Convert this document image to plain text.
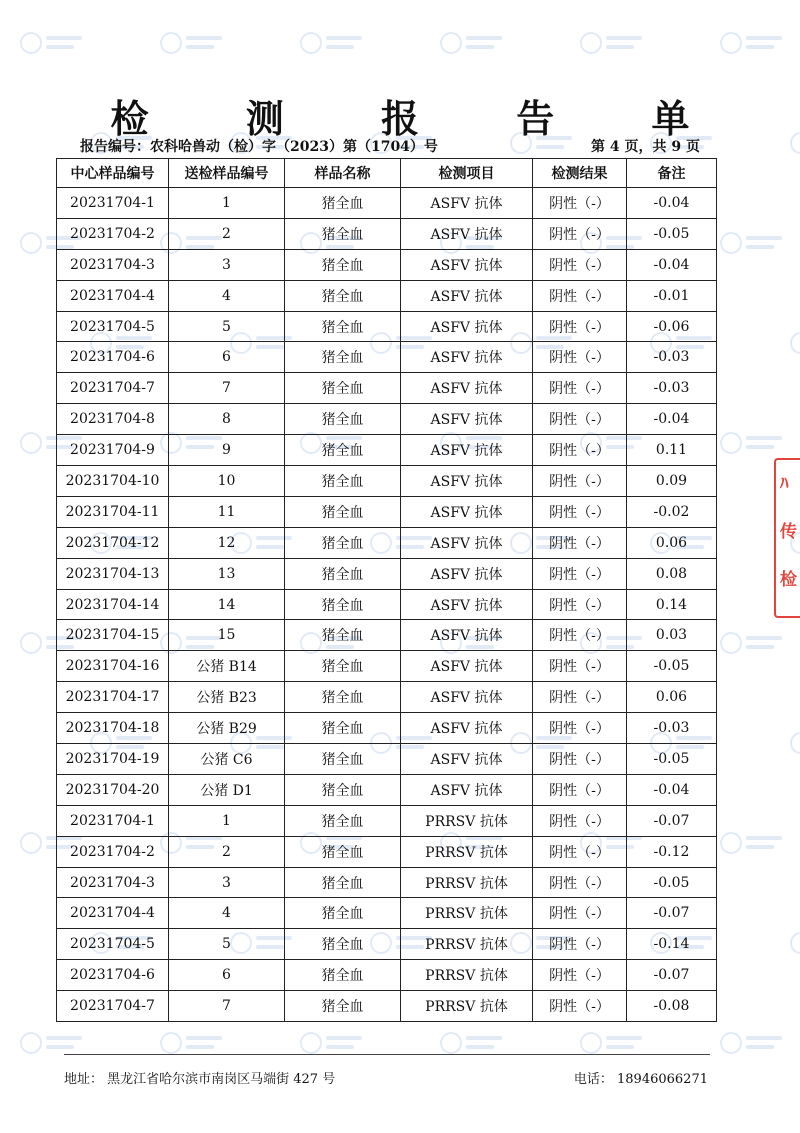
检 测 报 告 单
报告编号：农科哈兽动（检）字（2023）第（1704）号	第 4 页，共 9 页
中心样品编号	送检样品编号	样品名称	检测项目	检测结果	备注
20231704-1	1	猪全血	ASFV 抗体	阴性（-）	-0.04
20231704-2	2	猪全血	ASFV 抗体	阴性（-）	-0.05
20231704-3	3	猪全血	ASFV 抗体	阴性（-）	-0.04
20231704-4	4	猪全血	ASFV 抗体	阴性（-）	-0.01
20231704-5	5	猪全血	ASFV 抗体	阴性（-）	-0.06
20231704-6	6	猪全血	ASFV 抗体	阴性（-）	-0.03
20231704-7	7	猪全血	ASFV 抗体	阴性（-）	-0.03
20231704-8	8	猪全血	ASFV 抗体	阴性（-）	-0.04
20231704-9	9	猪全血	ASFV 抗体	阴性（-）	0.11
20231704-10	10	猪全血	ASFV 抗体	阴性（-）	0.09
20231704-11	11	猪全血	ASFV 抗体	阴性（-）	-0.02
20231704-12	12	猪全血	ASFV 抗体	阴性（-）	0.06
20231704-13	13	猪全血	ASFV 抗体	阴性（-）	0.08
20231704-14	14	猪全血	ASFV 抗体	阴性（-）	0.14
20231704-15	15	猪全血	ASFV 抗体	阴性（-）	0.03
20231704-16	公猪 B14	猪全血	ASFV 抗体	阴性（-）	-0.05
20231704-17	公猪 B23	猪全血	ASFV 抗体	阴性（-）	0.06
20231704-18	公猪 B29	猪全血	ASFV 抗体	阴性（-）	-0.03
20231704-19	公猪 C6	猪全血	ASFV 抗体	阴性（-）	-0.05
20231704-20	公猪 D1	猪全血	ASFV 抗体	阴性（-）	-0.04
20231704-1	1	猪全血	PRRSV 抗体	阴性（-）	-0.07
20231704-2	2	猪全血	PRRSV 抗体	阴性（-）	-0.12
20231704-3	3	猪全血	PRRSV 抗体	阴性（-）	-0.05
20231704-4	4	猪全血	PRRSV 抗体	阴性（-）	-0.07
20231704-5	5	猪全血	PRRSV 抗体	阴性（-）	-0.14
20231704-6	6	猪全血	PRRSV 抗体	阴性（-）	-0.07
20231704-7	7	猪全血	PRRSV 抗体	阴性（-）	-0.08
地址： 黑龙江省哈尔滨市南岗区马端街 427 号	电话： 18946066271
ﾊ
传
检
